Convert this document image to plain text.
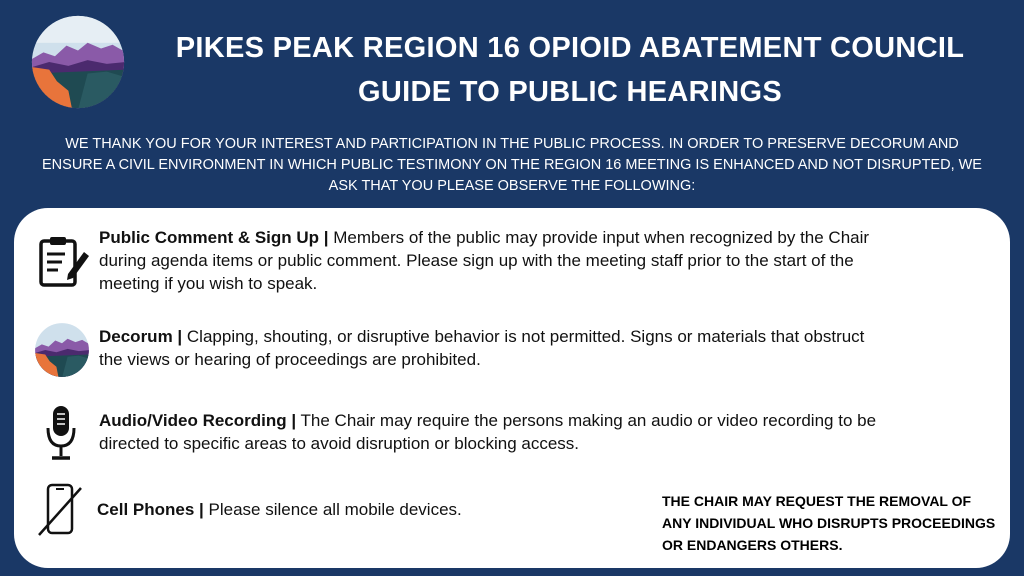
PIKES PEAK REGION 16 OPIOID ABATEMENT COUNCIL
GUIDE TO PUBLIC HEARINGS
WE THANK YOU FOR YOUR INTEREST AND PARTICIPATION IN THE PUBLIC PROCESS. IN ORDER TO PRESERVE DECORUM AND ENSURE A CIVIL ENVIRONMENT IN WHICH PUBLIC TESTIMONY ON THE REGION 16 MEETING IS ENHANCED AND NOT DISRUPTED, WE ASK THAT YOU PLEASE OBSERVE THE FOLLOWING:
Public Comment & Sign Up | Members of the public may provide input when recognized by the Chair during agenda items or public comment. Please sign up with the meeting staff prior to the start of the meeting if you wish to speak.
Decorum | Clapping, shouting, or disruptive behavior is not permitted. Signs or materials that obstruct the views or hearing of proceedings are prohibited.
Audio/Video Recording | The Chair may require the persons making an audio or video recording to be directed to specific areas to avoid disruption or blocking access.
Cell Phones | Please silence all mobile devices.	THE CHAIR MAY REQUEST THE REMOVAL OF ANY INDIVIDUAL WHO DISRUPTS PROCEEDINGS OR ENDANGERS OTHERS.
